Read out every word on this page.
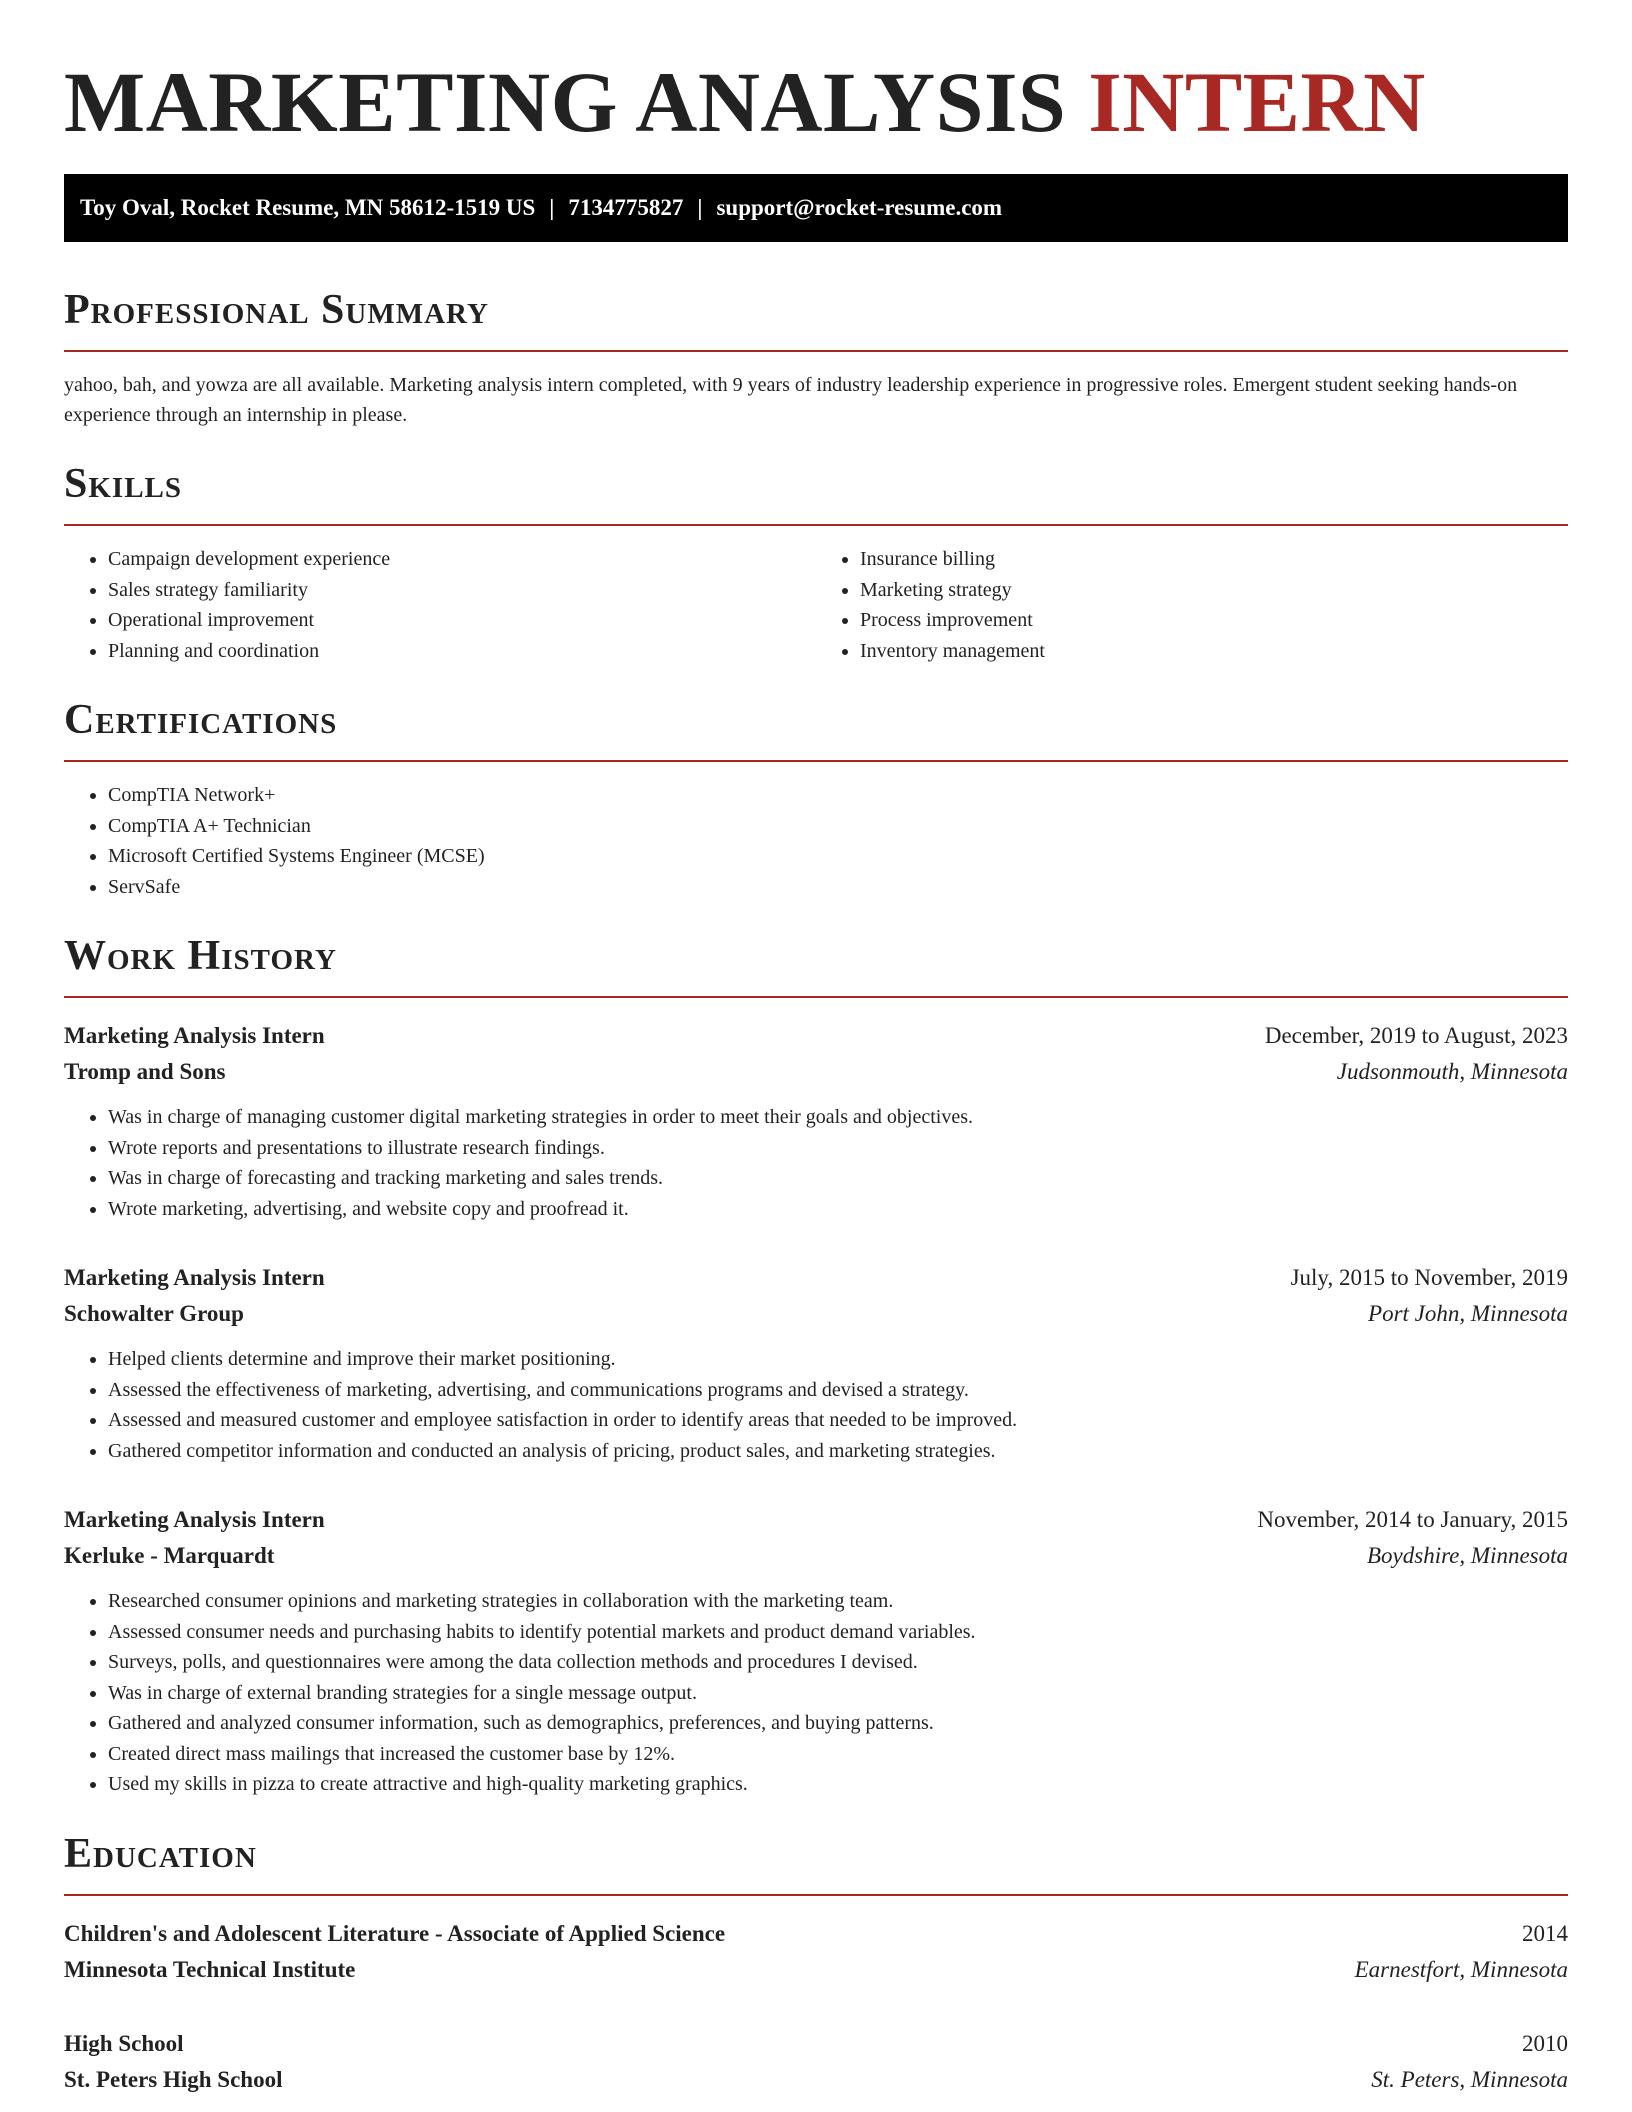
MARKETING ANALYSIS INTERN
Toy Oval, Rocket Resume, MN 58612-1519 US | 7134775827 | support@rocket-resume.com
Professional Summary

yahoo, bah, and yowza are all available. Marketing analysis intern completed, with 9 years of industry leadership experience in progressive roles. Emergent student seeking hands-on experience through an internship in please.

Skills
• Campaign development experience
• Sales strategy familiarity
• Operational improvement
• Planning and coordination
• Insurance billing
• Marketing strategy
• Process improvement
• Inventory management
Certifications
• CompTIA Network+
• CompTIA A+ Technician
• Microsoft Certified Systems Engineer (MCSE)
• ServSafe
Work History
Marketing Analysis Intern	December, 2019 to August, 2023
Tromp and Sons	Judsonmouth, Minnesota
• Was in charge of managing customer digital marketing strategies in order to meet their goals and objectives.
• Wrote reports and presentations to illustrate research findings.
• Was in charge of forecasting and tracking marketing and sales trends.
• Wrote marketing, advertising, and website copy and proofread it.
Marketing Analysis Intern	July, 2015 to November, 2019
Schowalter Group	Port John, Minnesota
• Helped clients determine and improve their market positioning.
• Assessed the effectiveness of marketing, advertising, and communications programs and devised a strategy.
• Assessed and measured customer and employee satisfaction in order to identify areas that needed to be improved.
• Gathered competitor information and conducted an analysis of pricing, product sales, and marketing strategies.
Marketing Analysis Intern	November, 2014 to January, 2015
Kerluke - Marquardt	Boydshire, Minnesota
• Researched consumer opinions and marketing strategies in collaboration with the marketing team.
• Assessed consumer needs and purchasing habits to identify potential markets and product demand variables.
• Surveys, polls, and questionnaires were among the data collection methods and procedures I devised.
• Was in charge of external branding strategies for a single message output.
• Gathered and analyzed consumer information, such as demographics, preferences, and buying patterns.
• Created direct mass mailings that increased the customer base by 12%.
• Used my skills in pizza to create attractive and high-quality marketing graphics.
Education
Children's and Adolescent Literature - Associate of Applied Science	2014
Minnesota Technical Institute	Earnestfort, Minnesota
High School	2010
St. Peters High School	St. Peters, Minnesota
